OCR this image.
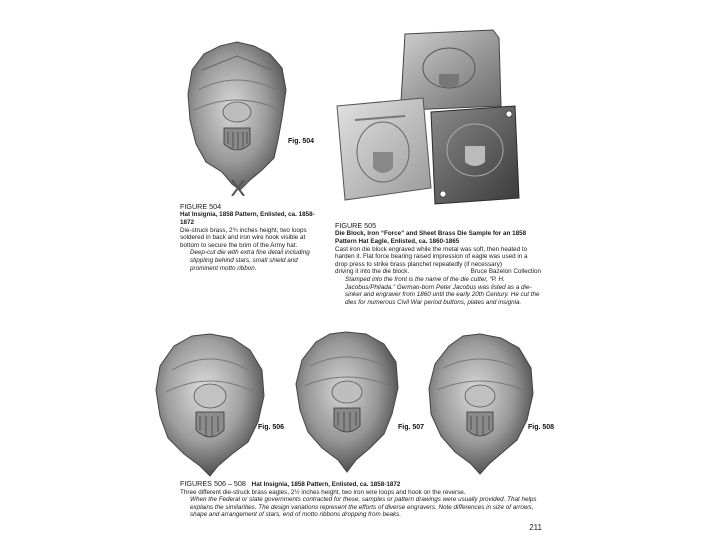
Fig. 504
FIGURE 504
Hat Insignia, 1858 Pattern, Enlisted, ca. 1858-1872
Die-struck brass, 2¾ inches height, two loops soldered in back and iron wire hook visible at bottom to secure the brim of the Army hat.
Deep-cut die with extra fine detail including stippling behind stars, small shield and prominent motto ribbon.
FIGURE 505
Die Block, Iron “Force” and Sheet Brass Die Sample for an 1858 Pattern Hat Eagle, Enlisted, ca. 1860-1865
Cast iron die block engraved while the metal was soft, then heated to harden it. Flat force bearing raised impression of eagle was used in a drop press to strike brass planchet repeatedly (if necessary)
driving it into the die block.	Bruce Bazelon Collection
Stamped into the front is the name of the die cutter, “P. H. Jacobus/Philada.” German-born Peter Jacobus was listed as a die-sinker and engraver from 1860 until the early 20th Century. He cut the dies for numerous Civil War period buttons, plates and insignia.
Fig. 506	Fig. 507	Fig. 508
FIGURES 506 – 508 Hat Insignia, 1858 Pattern, Enlisted, ca. 1858-1872
Three different die-struck brass eagles, 2½ inches height, two iron wire loops and hook on the reverse.
When the Federal or state governments contracted for these, samples or pattern drawings were usually provided. That helps explains the similarities. The design variations represent the efforts of diverse engravers. Note differences in size of arrows, shape and arrangement of stars, end of motto ribbons dropping from beaks.
211
